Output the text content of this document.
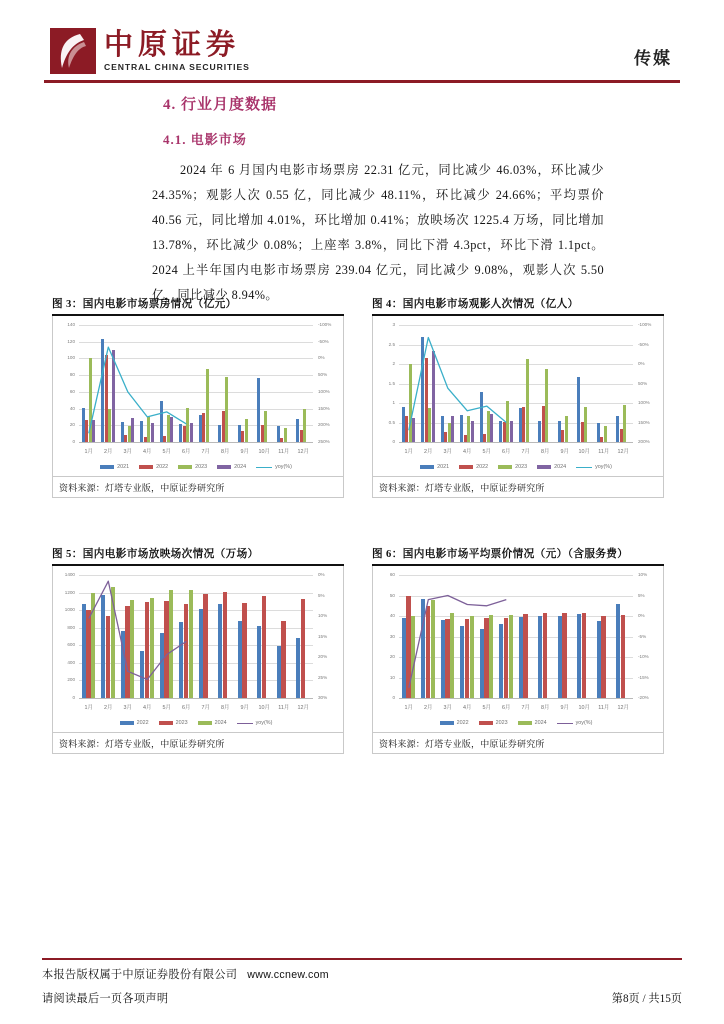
中原证券
CENTRAL CHINA SECURITIES	传媒
4. 行业月度数据
4.1. 电影市场
2024 年 6 月国内电影市场票房 22.31 亿元，同比减少 46.03%，环比减少 24.35%；观影人次 0.55 亿，同比减少 48.11%，环比减少 24.66%；平均票价 40.56 元，同比增加 4.01%，环比增加 0.41%；放映场次 1225.4 万场，同比增加 13.78%，环比减少 0.08%；上座率 3.8%，同比下滑 4.3pct，环比下滑 1.1pct。2024 上半年国内电影市场票房 239.04 亿元，同比减少 9.08%，观影人次 5.50 亿，同比减少 8.94%。
图 3：国内电影市场票房情况（亿元）
0
20
40
60
80
100
120
140	-100%
-50%
0%
50%
100%
150%
200%
250%
1月	2月	3月	4月	5月	6月	7月	8月	9月	10月	11月	12月
2021	2022	2023	2024	yoy(%)
资料来源：灯塔专业版，中原证券研究所
图 4：国内电影市场观影人次情况（亿人）
0
0.5
1
1.5
2
2.5
3	-100%
-50%
0%
50%
100%
150%
200%
1月	2月	3月	4月	5月	6月	7月	8月	9月	10月	11月	12月
2021	2022	2023	2024	yoy(%)
资料来源：灯塔专业版，中原证券研究所
图 5：国内电影市场放映场次情况（万场）
0
200
400
600
800
1000
1200
1400	0%
5%
10%
15%
20%
25%
30%
1月	2月	3月	4月	5月	6月	7月	8月	9月	10月	11月	12月
2022	2023	2024	yoy(%)
资料来源：灯塔专业版，中原证券研究所
图 6：国内电影市场平均票价情况（元）（含服务费）
0
10
20
30
40
50
60	10%
5%
0%
-5%
-10%
-15%
-20%
1月	2月	3月	4月	5月	6月	7月	8月	9月	10月	11月	12月
2022	2023	2024	yoy(%)
资料来源：灯塔专业版，中原证券研究所
本报告版权属于中原证券股份有限公司 www.ccnew.com
请阅读最后一页各项声明	第8页 / 共15页
